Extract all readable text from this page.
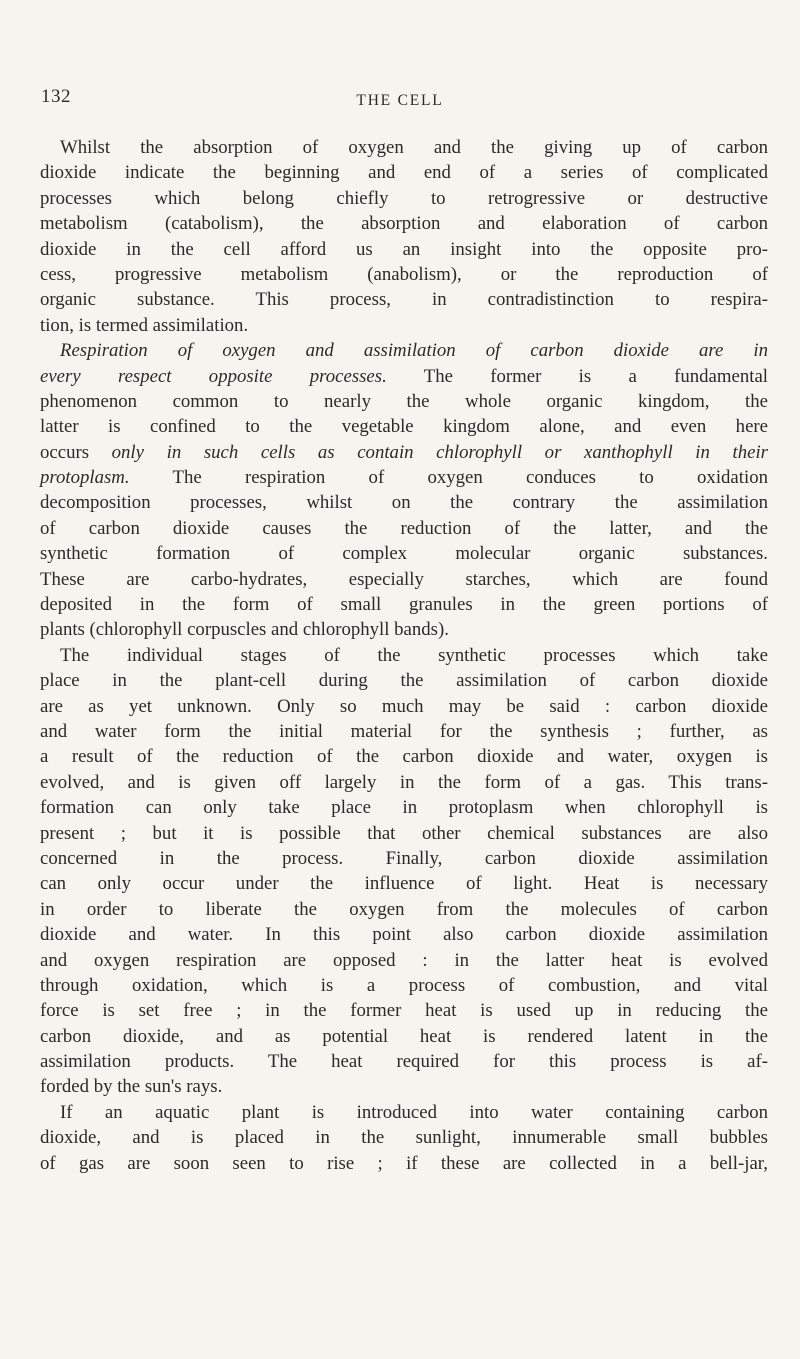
132	THE CELL
Whilst the absorption of oxygen and the giving up of carbon
dioxide indicate the beginning and end of a series of complicated
processes which belong chiefly to retrogressive or destructive
metabolism (catabolism), the absorption and elaboration of carbon
dioxide in the cell afford us an insight into the opposite pro-
cess, progressive metabolism (anabolism), or the reproduction of
organic substance. This process, in contradistinction to respira-
tion, is termed assimilation.
Respiration of oxygen and assimilation of carbon dioxide are in
every respect opposite processes. The former is a fundamental
phenomenon common to nearly the whole organic kingdom, the
latter is confined to the vegetable kingdom alone, and even here
occurs only in such cells as contain chlorophyll or xanthophyll in their
protoplasm. The respiration of oxygen conduces to oxidation
decomposition processes, whilst on the contrary the assimilation
of carbon dioxide causes the reduction of the latter, and the
synthetic formation of complex molecular organic substances.
These are carbo-hydrates, especially starches, which are found
deposited in the form of small granules in the green portions of
plants (chlorophyll corpuscles and chlorophyll bands).
The individual stages of the synthetic processes which take
place in the plant-cell during the assimilation of carbon dioxide
are as yet unknown. Only so much may be said : carbon dioxide
and water form the initial material for the synthesis ; further, as
a result of the reduction of the carbon dioxide and water, oxygen is
evolved, and is given off largely in the form of a gas. This trans-
formation can only take place in protoplasm when chlorophyll is
present ; but it is possible that other chemical substances are also
concerned in the process. Finally, carbon dioxide assimilation
can only occur under the influence of light. Heat is necessary
in order to liberate the oxygen from the molecules of carbon
dioxide and water. In this point also carbon dioxide assimilation
and oxygen respiration are opposed : in the latter heat is evolved
through oxidation, which is a process of combustion, and vital
force is set free ; in the former heat is used up in reducing the
carbon dioxide, and as potential heat is rendered latent in the
assimilation products. The heat required for this process is af-
forded by the sun's rays.
If an aquatic plant is introduced into water containing carbon
dioxide, and is placed in the sunlight, innumerable small bubbles
of gas are soon seen to rise ; if these are collected in a bell-jar,
